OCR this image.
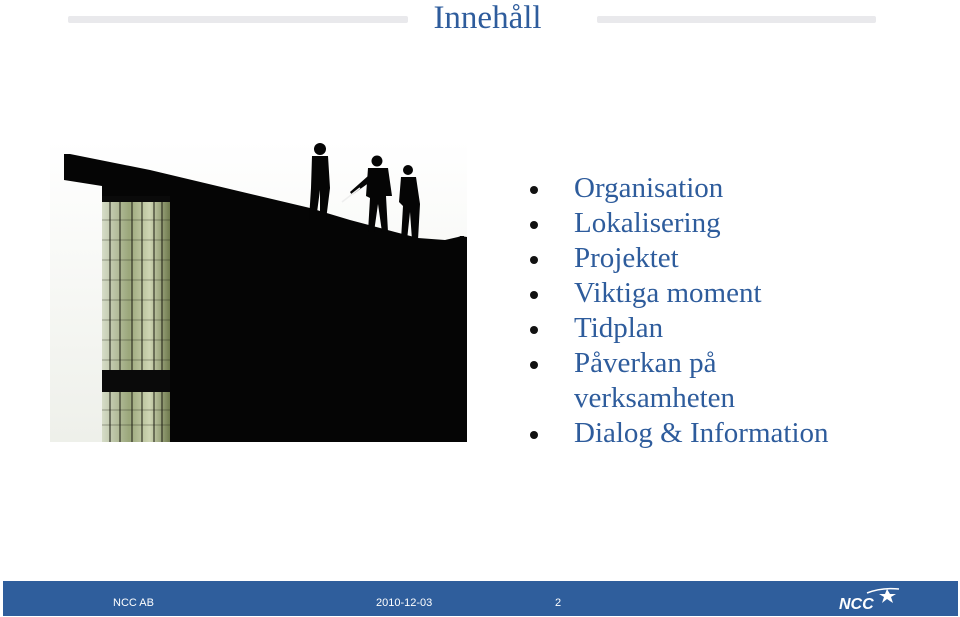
Innehåll
Organisation
Lokalisering
Projektet
Viktiga moment
Tidplan
Påverkan på verksamheten
Dialog & Information
NCC AB	2010-12-03	2	NCC
